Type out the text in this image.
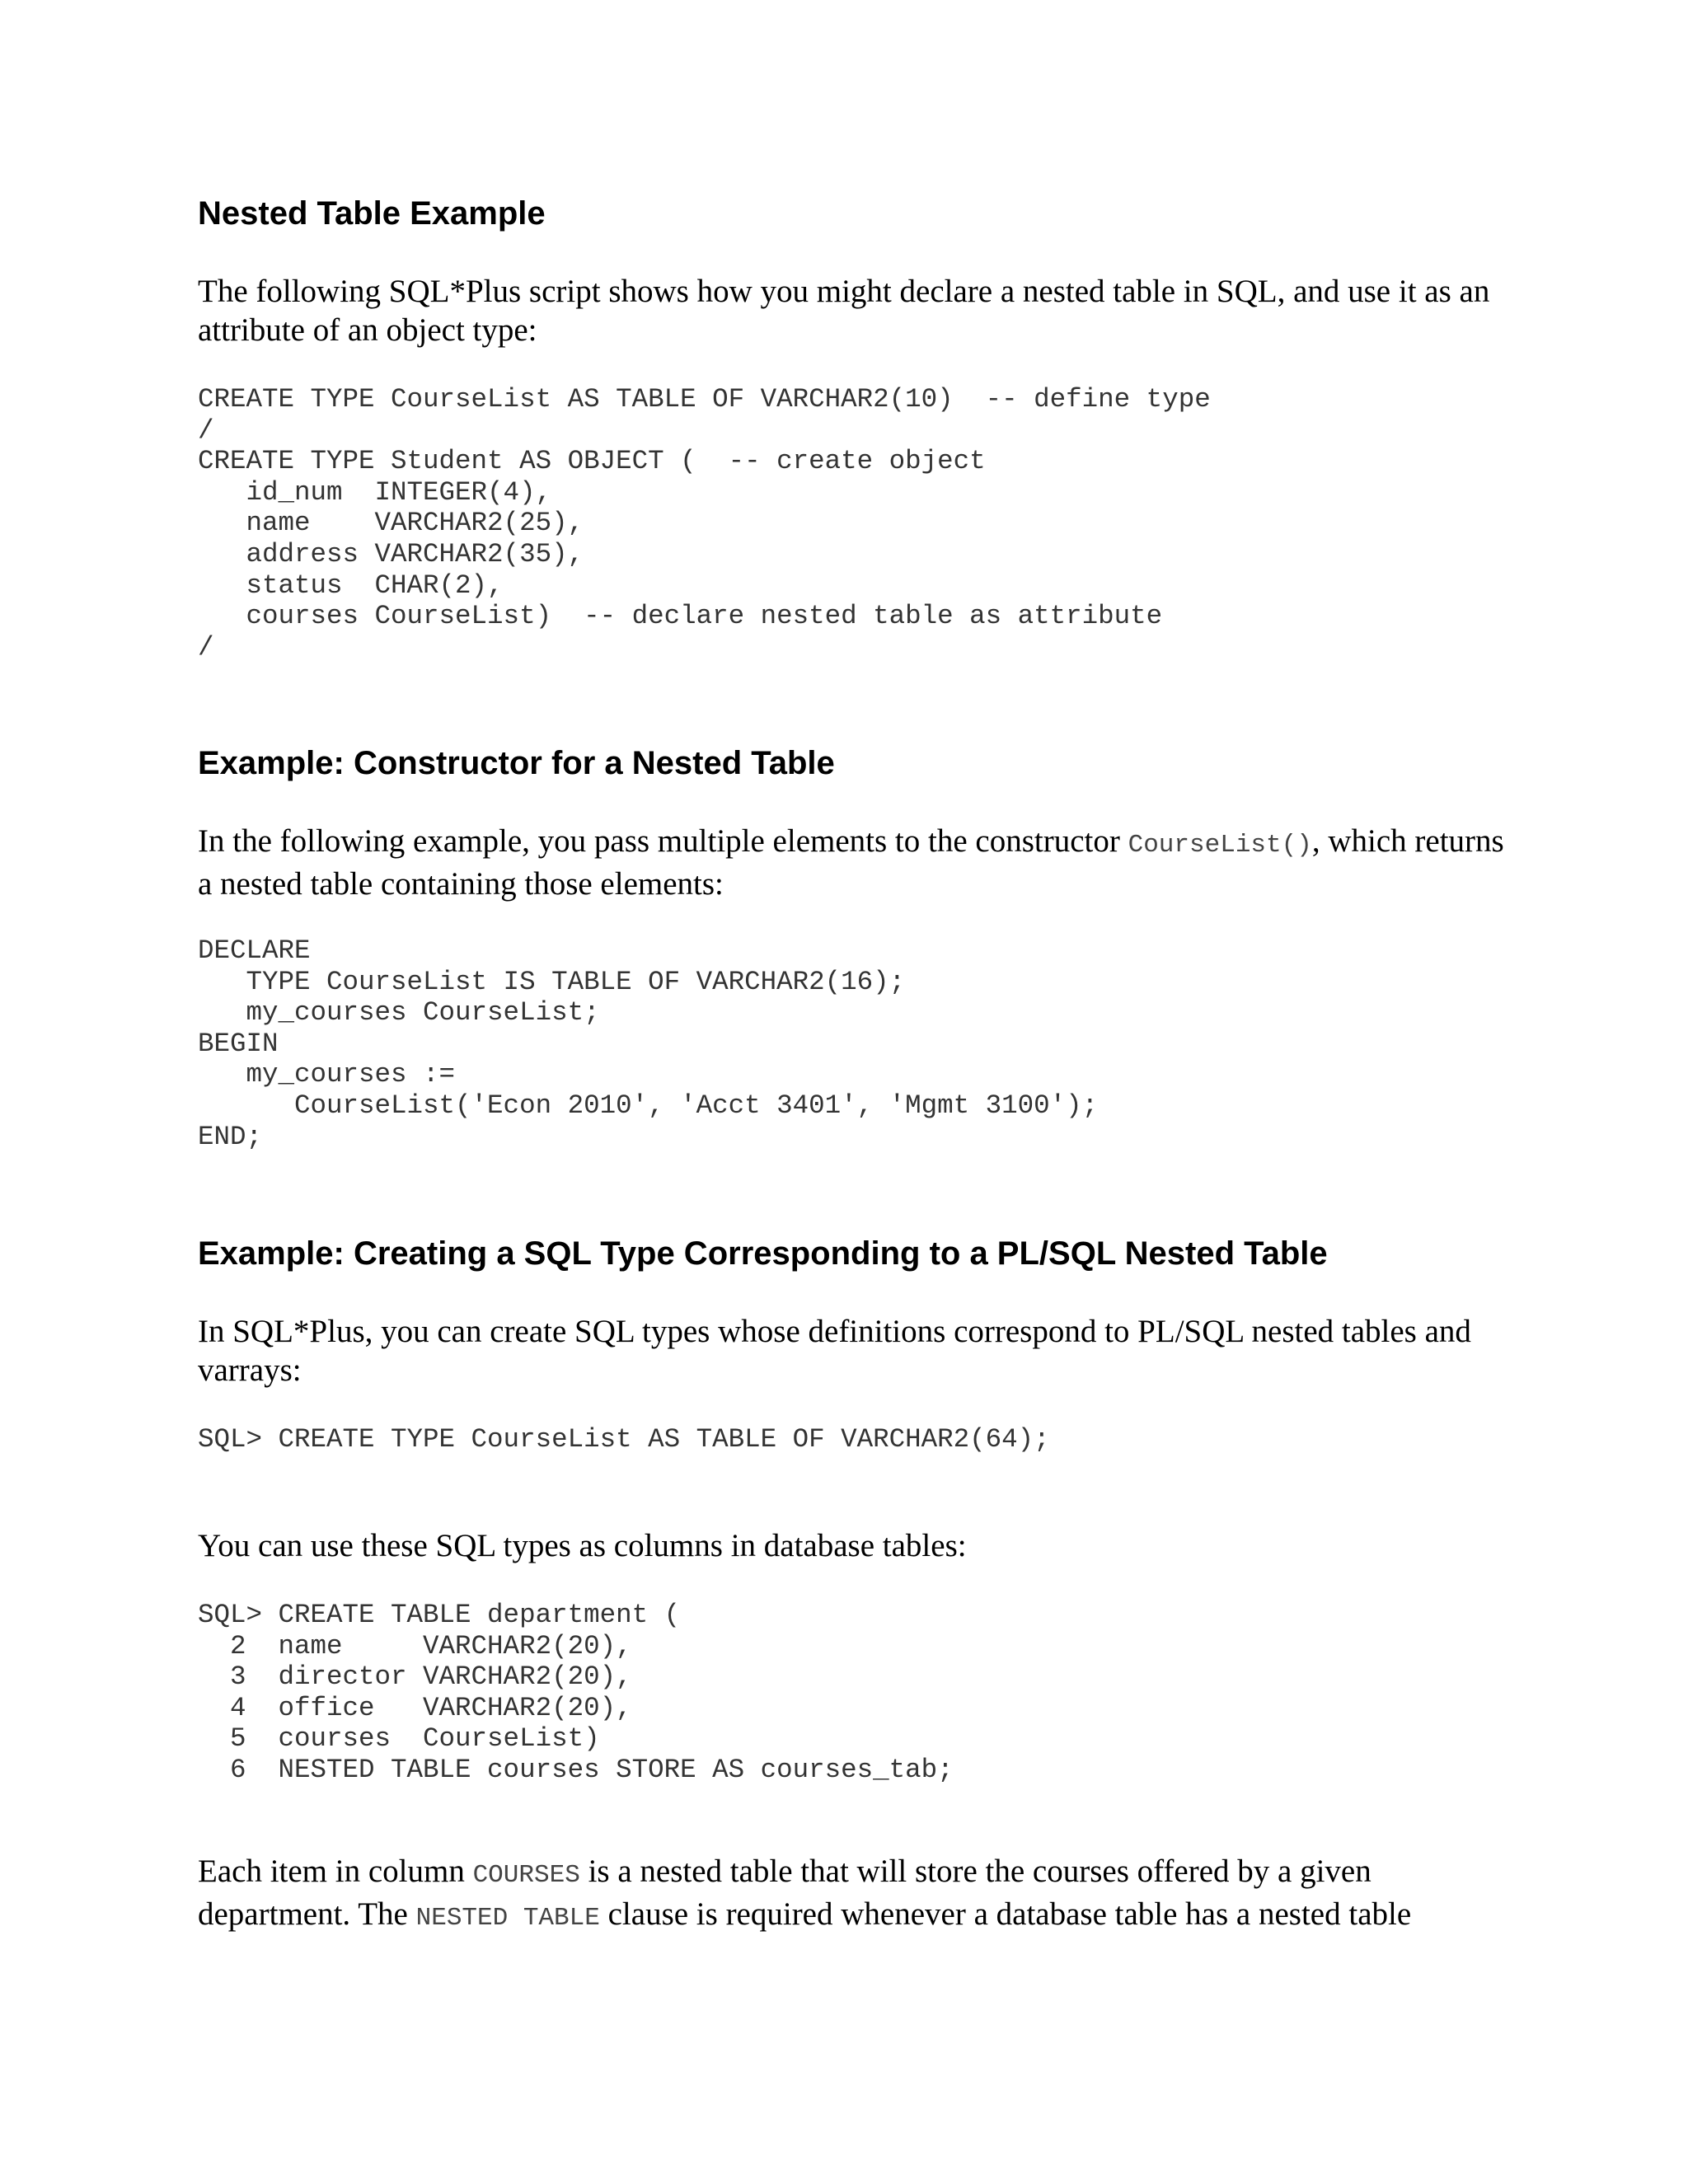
Nested Table Example

The following SQL*Plus script shows how you might declare a nested table in SQL, and use it as an attribute of an object type:

CREATE TYPE CourseList AS TABLE OF VARCHAR2(10)  -- define type
/
CREATE TYPE Student AS OBJECT (  -- create object
id_num  INTEGER(4),
name    VARCHAR2(25),
address VARCHAR2(35),
status  CHAR(2),
courses CourseList)  -- declare nested table as attribute
/
Example: Constructor for a Nested Table

In the following example, you pass multiple elements to the constructor CourseList(), which returns a nested table containing those elements:

DECLARE
TYPE CourseList IS TABLE OF VARCHAR2(16);
my_courses CourseList;
BEGIN
my_courses :=
CourseList('Econ 2010', 'Acct 3401', 'Mgmt 3100');
END;
Example: Creating a SQL Type Corresponding to a PL/SQL Nested Table

In SQL*Plus, you can create SQL types whose definitions correspond to PL/SQL nested tables and varrays:

SQL> CREATE TYPE CourseList AS TABLE OF VARCHAR2(64);

You can use these SQL types as columns in database tables:

SQL> CREATE TABLE department (
2  name     VARCHAR2(20),
3  director VARCHAR2(20),
4  office   VARCHAR2(20),
5  courses  CourseList)
6  NESTED TABLE courses STORE AS courses_tab;

Each item in column COURSES is a nested table that will store the courses offered by a given department. The NESTED TABLE clause is required whenever a database table has a nested table
